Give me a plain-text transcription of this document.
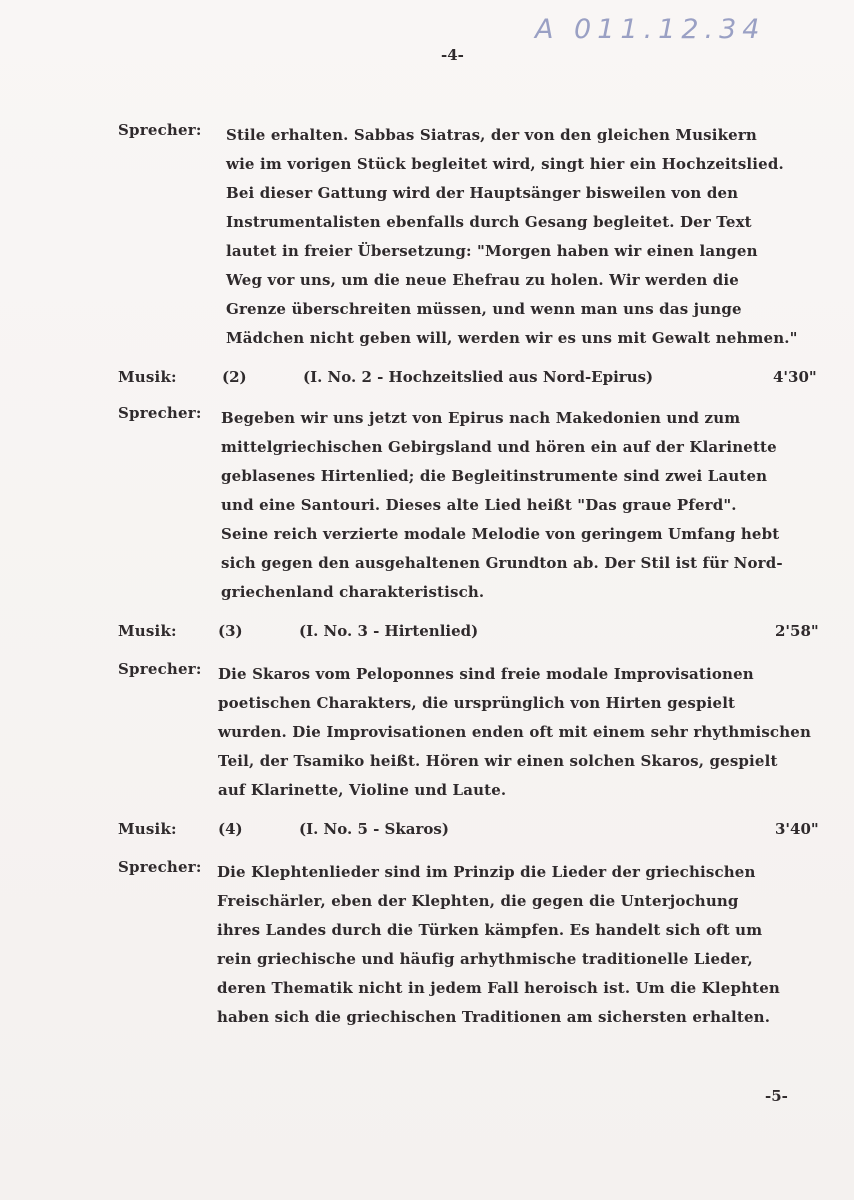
A 011.12.34
-4-
Sprecher: Stile erhalten. Sabbas Siatras, der von den gleichen Musikern
wie im vorigen Stück begleitet wird, singt hier ein Hochzeitslied.
Bei dieser Gattung wird der Hauptsänger bisweilen von den
Instrumentalisten ebenfalls durch Gesang begleitet. Der Text
lautet in freier Übersetzung: "Morgen haben wir einen langen
Weg vor uns, um die neue Ehefrau zu holen. Wir werden die
Grenze überschreiten müssen, und wenn man uns das junge
Mädchen nicht geben will, werden wir es uns mit Gewalt nehmen."
Musik:	(2)	(I. No. 2 - Hochzeitslied aus Nord-Epirus)	4'30"
Sprecher: Begeben wir uns jetzt von Epirus nach Makedonien und zum
mittelgriechischen Gebirgsland und hören ein auf der Klarinette
geblasenes Hirtenlied; die Begleitinstrumente sind zwei Lauten
und eine Santouri. Dieses alte Lied heißt "Das graue Pferd".
Seine reich verzierte modale Melodie von geringem Umfang hebt
sich gegen den ausgehaltenen Grundton ab. Der Stil ist für Nord-
griechenland charakteristisch.
Musik:	(3)	(I. No. 3 - Hirtenlied)	2'58"
Sprecher: Die Skaros vom Peloponnes sind freie modale Improvisationen
poetischen Charakters, die ursprünglich von Hirten gespielt
wurden. Die Improvisationen enden oft mit einem sehr rhythmischen
Teil, der Tsamiko heißt. Hören wir einen solchen Skaros, gespielt
auf Klarinette, Violine und Laute.
Musik:	(4)	(I. No. 5 - Skaros)	3'40"
Sprecher: Die Klephtenlieder sind im Prinzip die Lieder der griechischen
Freischärler, eben der Klephten, die gegen die Unterjochung
ihres Landes durch die Türken kämpfen. Es handelt sich oft um
rein griechische und häufig arhythmische traditionelle Lieder,
deren Thematik nicht in jedem Fall heroisch ist. Um die Klephten
haben sich die griechischen Traditionen am sichersten erhalten.
-5-
